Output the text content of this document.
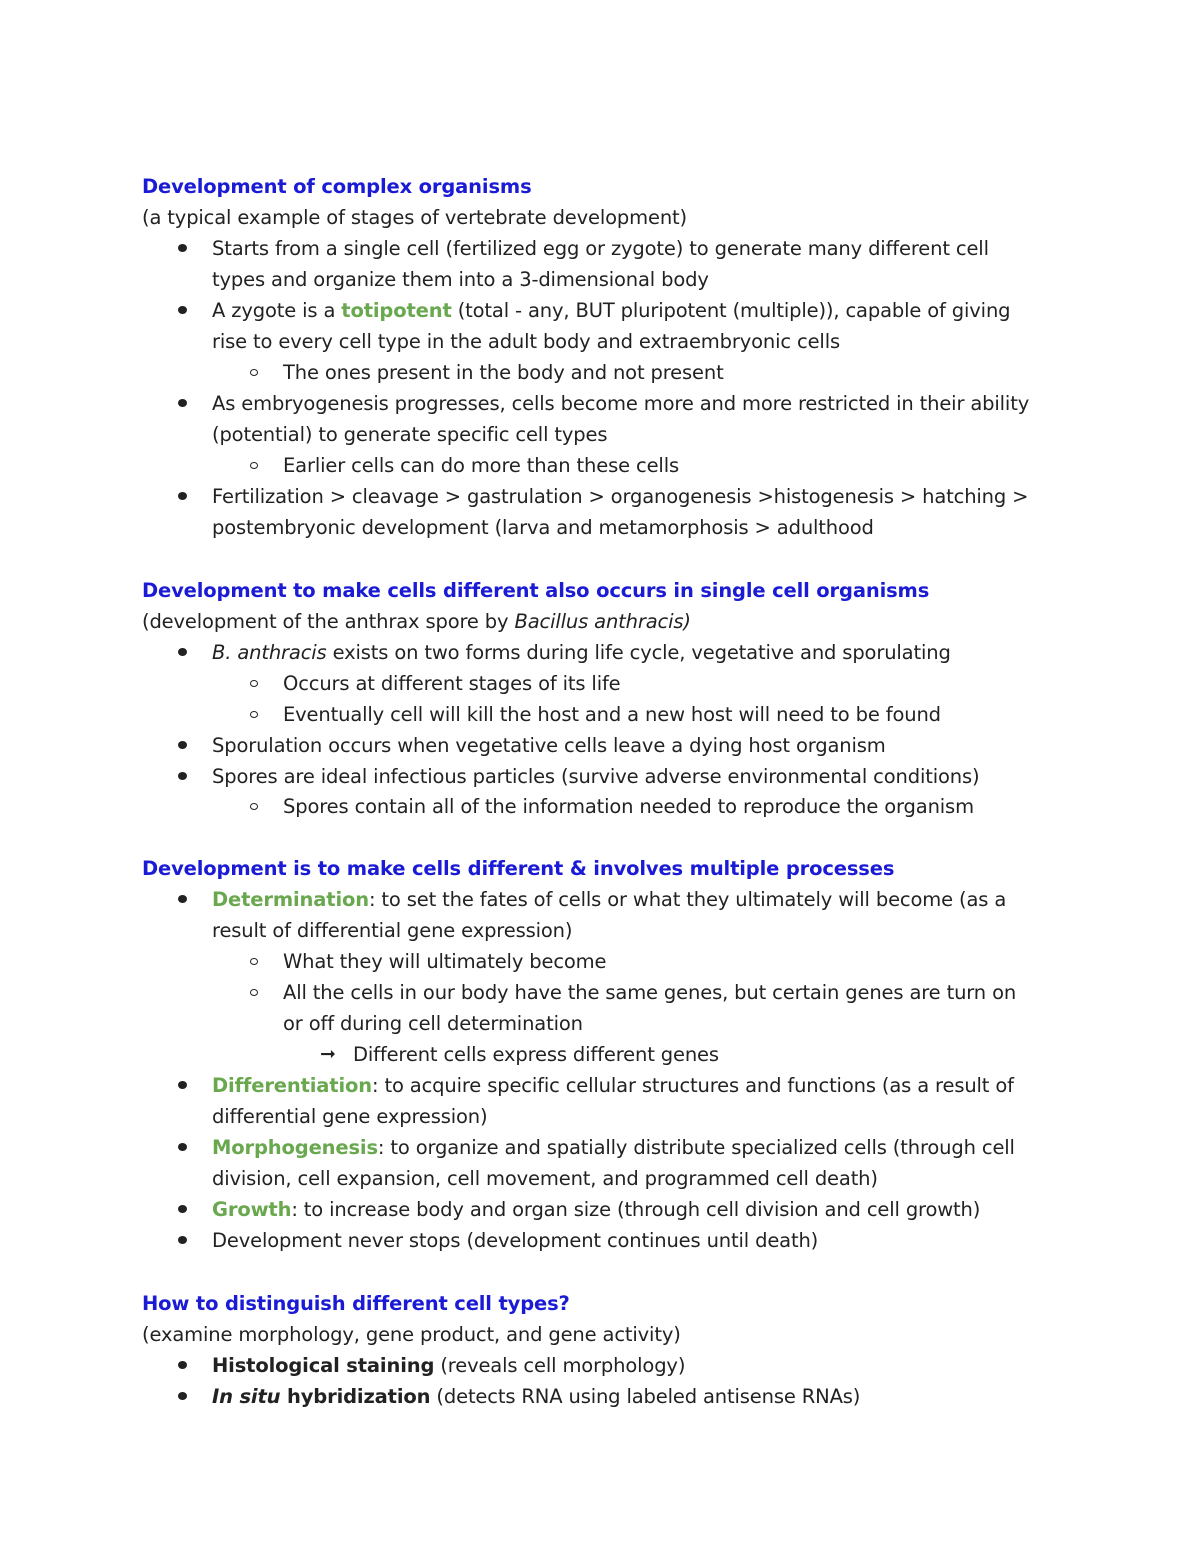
Development of complex organisms
(a typical example of stages of vertebrate development)
Starts from a single cell (fertilized egg or zygote) to generate many different cell
types and organize them into a 3-dimensional body
A zygote is a totipotent (total - any, BUT pluripotent (multiple)), capable of giving
rise to every cell type in the adult body and extraembryonic cells
The ones present in the body and not present
As embryogenesis progresses, cells become more and more restricted in their ability
(potential) to generate specific cell types
Earlier cells can do more than these cells
Fertilization > cleavage > gastrulation > organogenesis >histogenesis > hatching >
postembryonic development (larva and metamorphosis > adulthood
Development to make cells different also occurs in single cell organisms
(development of the anthrax spore by Bacillus anthracis)
B. anthracis exists on two forms during life cycle, vegetative and sporulating
Occurs at different stages of its life
Eventually cell will kill the host and a new host will need to be found
Sporulation occurs when vegetative cells leave a dying host organism
Spores are ideal infectious particles (survive adverse environmental conditions)
Spores contain all of the information needed to reproduce the organism
Development is to make cells different & involves multiple processes
Determination: to set the fates of cells or what they ultimately will become (as a
result of differential gene expression)
What they will ultimately become
All the cells in our body have the same genes, but certain genes are turn on
or off during cell determination
➞ Different cells express different genes
Differentiation: to acquire specific cellular structures and functions (as a result of
differential gene expression)
Morphogenesis: to organize and spatially distribute specialized cells (through cell
division, cell expansion, cell movement, and programmed cell death)
Growth: to increase body and organ size (through cell division and cell growth)
Development never stops (development continues until death)
How to distinguish different cell types?
(examine morphology, gene product, and gene activity)
Histological staining (reveals cell morphology)
In situ hybridization (detects RNA using labeled antisense RNAs)
